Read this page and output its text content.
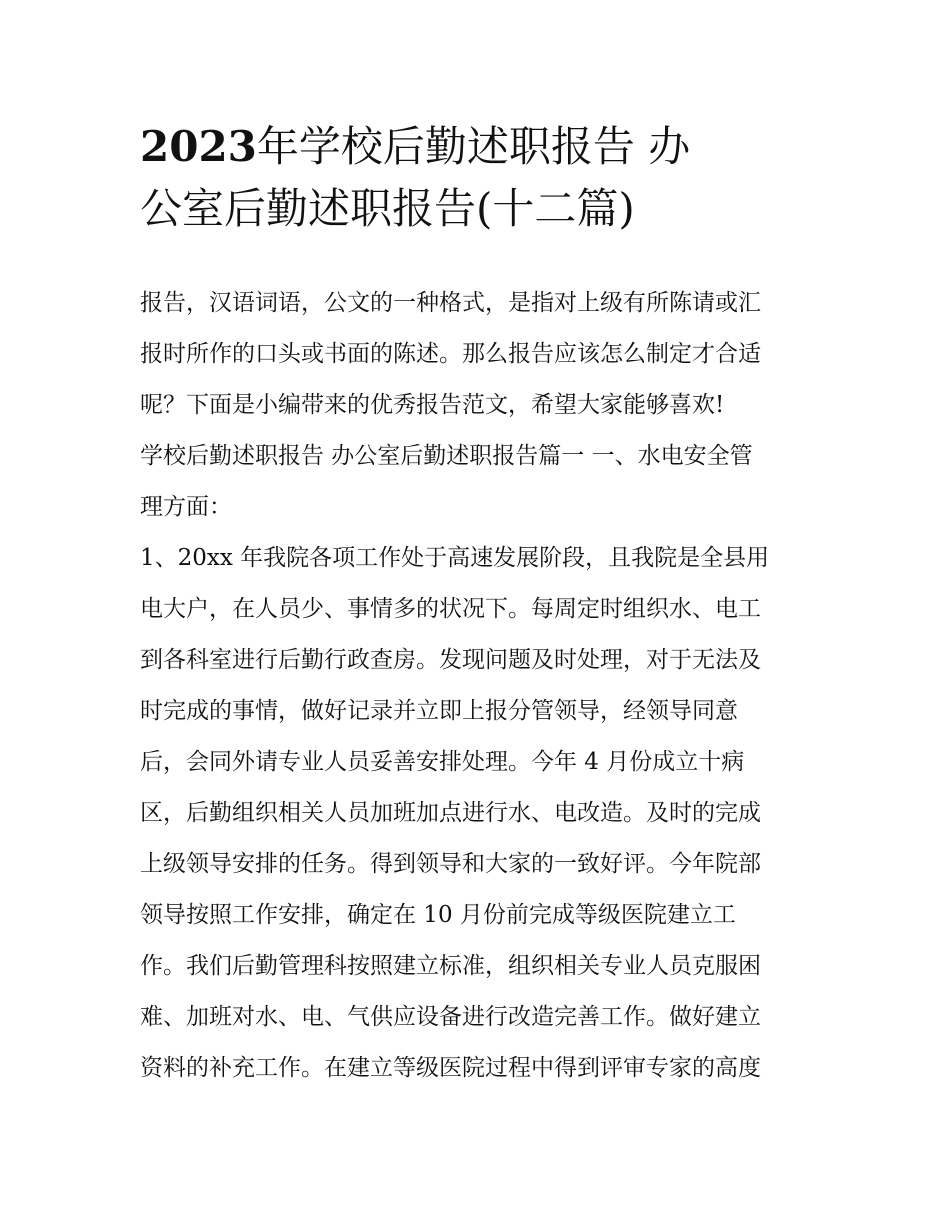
2023年学校后勤述职报告 办
公室后勤述职报告(十二篇)
报告，汉语词语，公文的一种格式，是指对上级有所陈请或汇
报时所作的口头或书面的陈述。那么报告应该怎么制定才合适
呢？下面是小编带来的优秀报告范文，希望大家能够喜欢!
学校后勤述职报告 办公室后勤述职报告篇一 一、水电安全管
理方面：
1、20xx 年我院各项工作处于高速发展阶段，且我院是全县用
电大户，在人员少、事情多的状况下。每周定时组织水、电工
到各科室进行后勤行政查房。发现问题及时处理，对于无法及
时完成的事情，做好记录并立即上报分管领导，经领导同意
后，会同外请专业人员妥善安排处理。今年 4 月份成立十病
区，后勤组织相关人员加班加点进行水、电改造。及时的完成
上级领导安排的任务。得到领导和大家的一致好评。今年院部
领导按照工作安排，确定在 10 月份前完成等级医院建立工
作。我们后勤管理科按照建立标准，组织相关专业人员克服困
难、加班对水、电、气供应设备进行改造完善工作。做好建立
资料的补充工作。在建立等级医院过程中得到评审专家的高度
